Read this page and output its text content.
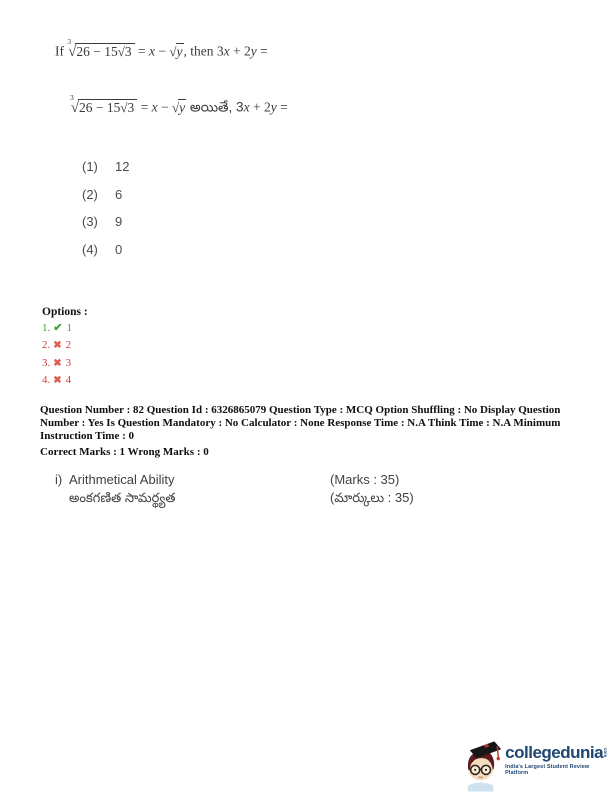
If $^3$√26 − 15√3 = x − √y, then 3x + 2y =
$^3$√26 − 15√3 = x − √y అయితే, 3x + 2y =
(1) 12
(2) 6
(3) 9
(4) 0
Options :
1. ✔ 1
2. ✖ 2
3. ✖ 3
4. ✖ 4

Question Number : 82 Question Id : 6326865079 Question Type : MCQ Option Shuffling : No Display Question Number : Yes Is Question Mandatory : No Calculator : None Response Time : N.A Think Time : N.A Minimum Instruction Time : 0

Correct Marks : 1 Wrong Marks : 0

i) Arithmetical Ability	(Marks : 35)
అంకగణిత సామర్థ్యత	(మార్కులు : 35)
collegedunia com
India's Largest Student Review Platform
